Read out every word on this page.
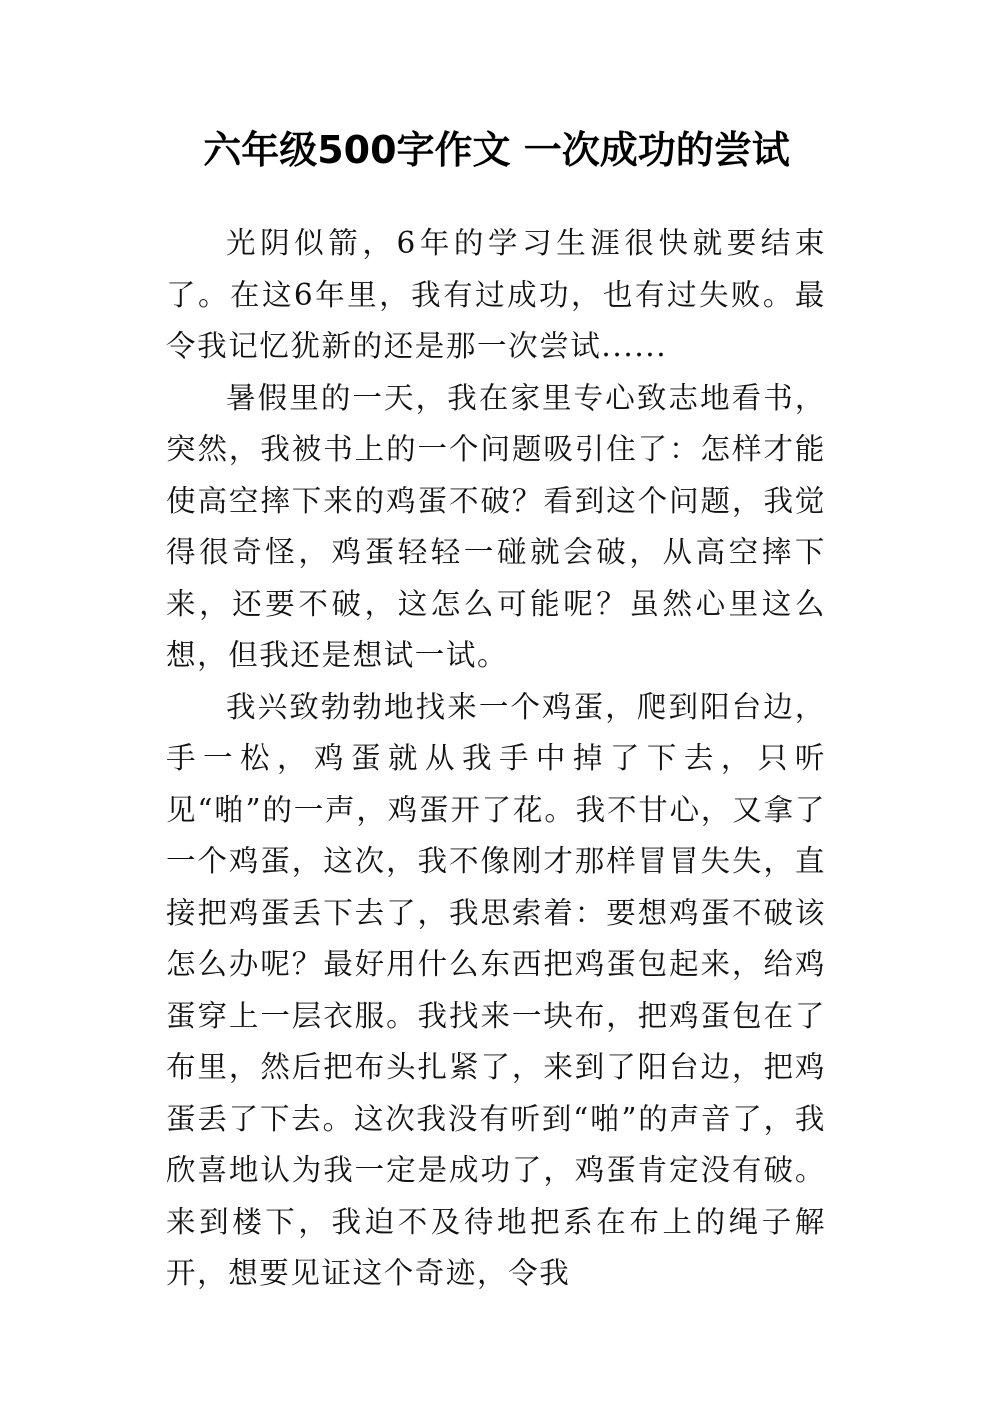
六年级500字作文 一次成功的尝试

光阴似箭，6年的学习生涯很快就要结束了。在这6年里，我有过成功，也有过失败。最令我记忆犹新的还是那一次尝试......

暑假里的一天，我在家里专心致志地看书，突然，我被书上的一个问题吸引住了：怎样才能使高空摔下来的鸡蛋不破？看到这个问题，我觉得很奇怪，鸡蛋轻轻一碰就会破，从高空摔下来，还要不破，这怎么可能呢？虽然心里这么想，但我还是想试一试。

我兴致勃勃地找来一个鸡蛋，爬到阳台边，手一松，鸡蛋就从我手中掉了下去，只听见“啪”的一声，鸡蛋开了花。我不甘心，又拿了一个鸡蛋，这次，我不像刚才那样冒冒失失，直接把鸡蛋丢下去了，我思索着：要想鸡蛋不破该怎么办呢？最好用什么东西把鸡蛋包起来，给鸡蛋穿上一层衣服。我找来一块布，把鸡蛋包在了布里，然后把布头扎紧了，来到了阳台边，把鸡蛋丢了下去。这次我没有听到“啪”的声音了，我欣喜地认为我一定是成功了，鸡蛋肯定没有破。来到楼下，我迫不及待地把系在布上的绳子解开，想要见证这个奇迹，令我
